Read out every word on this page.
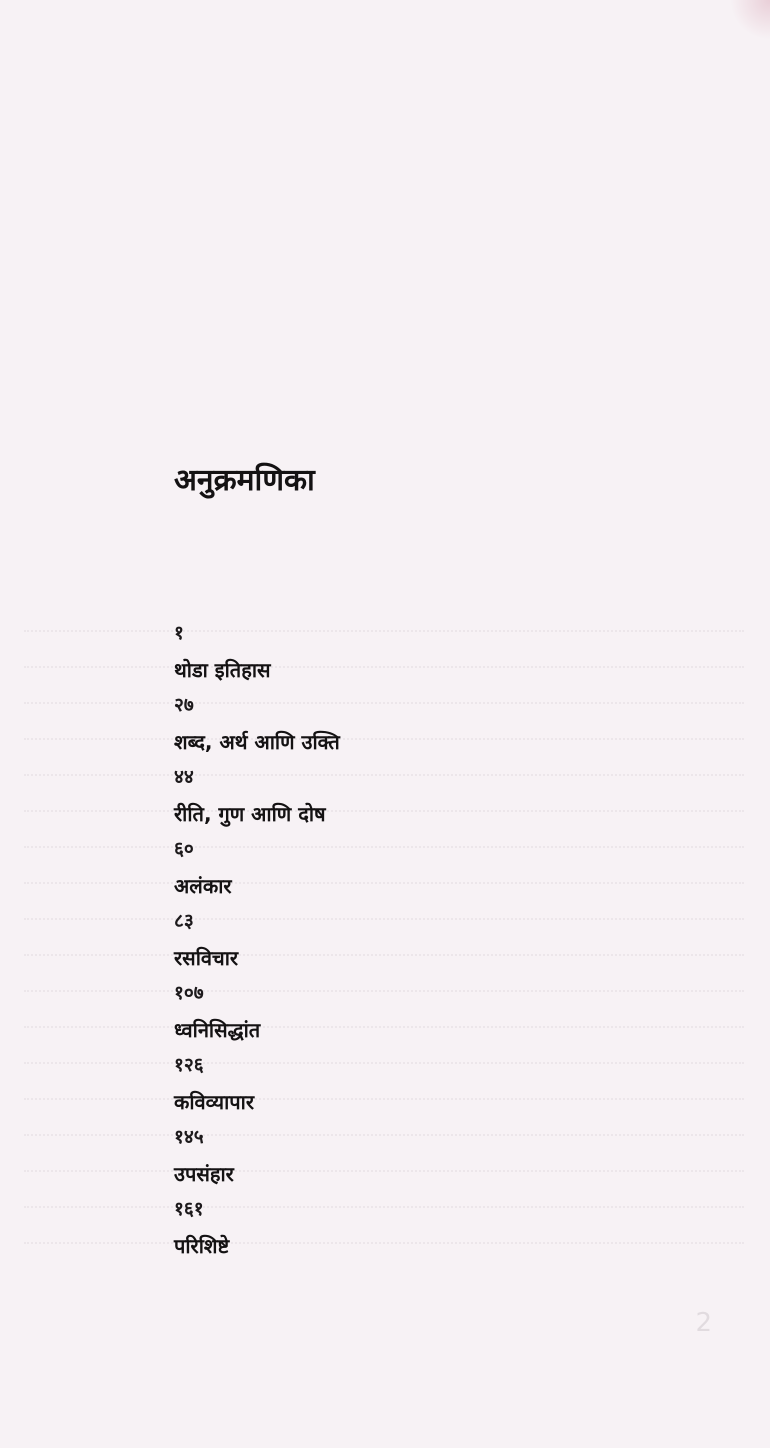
2
अनुक्रमणिका
१
थोडा इतिहास
२७
शब्द, अर्थ आणि उक्ति
४४
रीति, गुण आणि दोष
६०
अलंकार
८३
रसविचार
१०७
ध्वनिसिद्धांत
१२६
कविव्यापार
१४५
उपसंहार
१६१
परिशिष्टे
